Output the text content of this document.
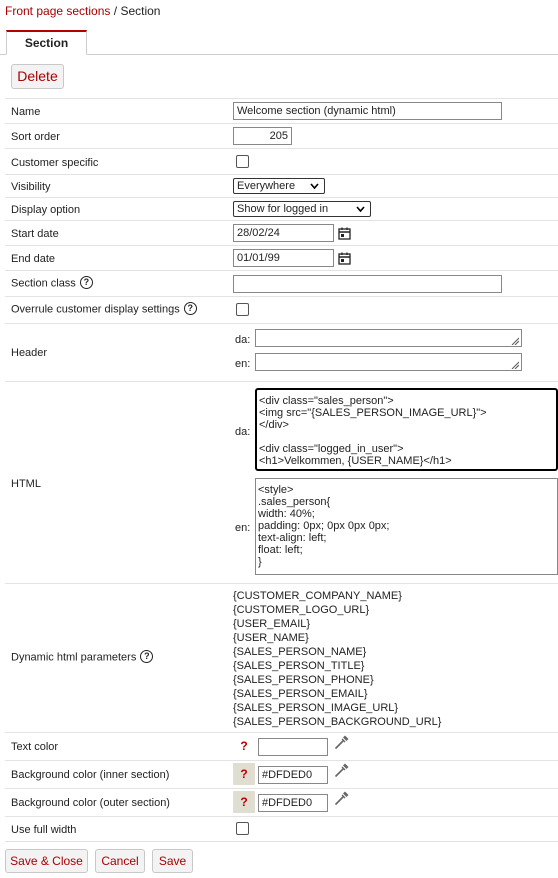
Front page sections / Section
Section
Delete
Name	Welcome section (dynamic html)
Sort order	205
Customer specific
Visibility	Everywhere
Display option	Show for logged in
Start date	28/02/24
End date	01/01/99
Section class ?
Overrule customer display settings ?
Header
da:
en:
HTML
da:
<div class="sales_person">
<img src="{SALES_PERSON_IMAGE_URL}">
</div>

<div class="logged_in_user">
<h1>Velkommen, {USER_NAME}</h1>
en:
<style>
.sales_person{
width: 40%;
padding: 0px; 0px 0px 0px;
text-align: left;
float: left;
}
Dynamic html parameters ?
{CUSTOMER_COMPANY_NAME}
{CUSTOMER_LOGO_URL}
{USER_EMAIL}
{USER_NAME}
{SALES_PERSON_NAME}
{SALES_PERSON_TITLE}
{SALES_PERSON_PHONE}
{SALES_PERSON_EMAIL}
{SALES_PERSON_IMAGE_URL}
{SALES_PERSON_BACKGROUND_URL}
Text color	?
Background color (inner section)	?	#DFDED0
Background color (outer section)	?	#DFDED0
Use full width
Save & Close	Cancel	Save
